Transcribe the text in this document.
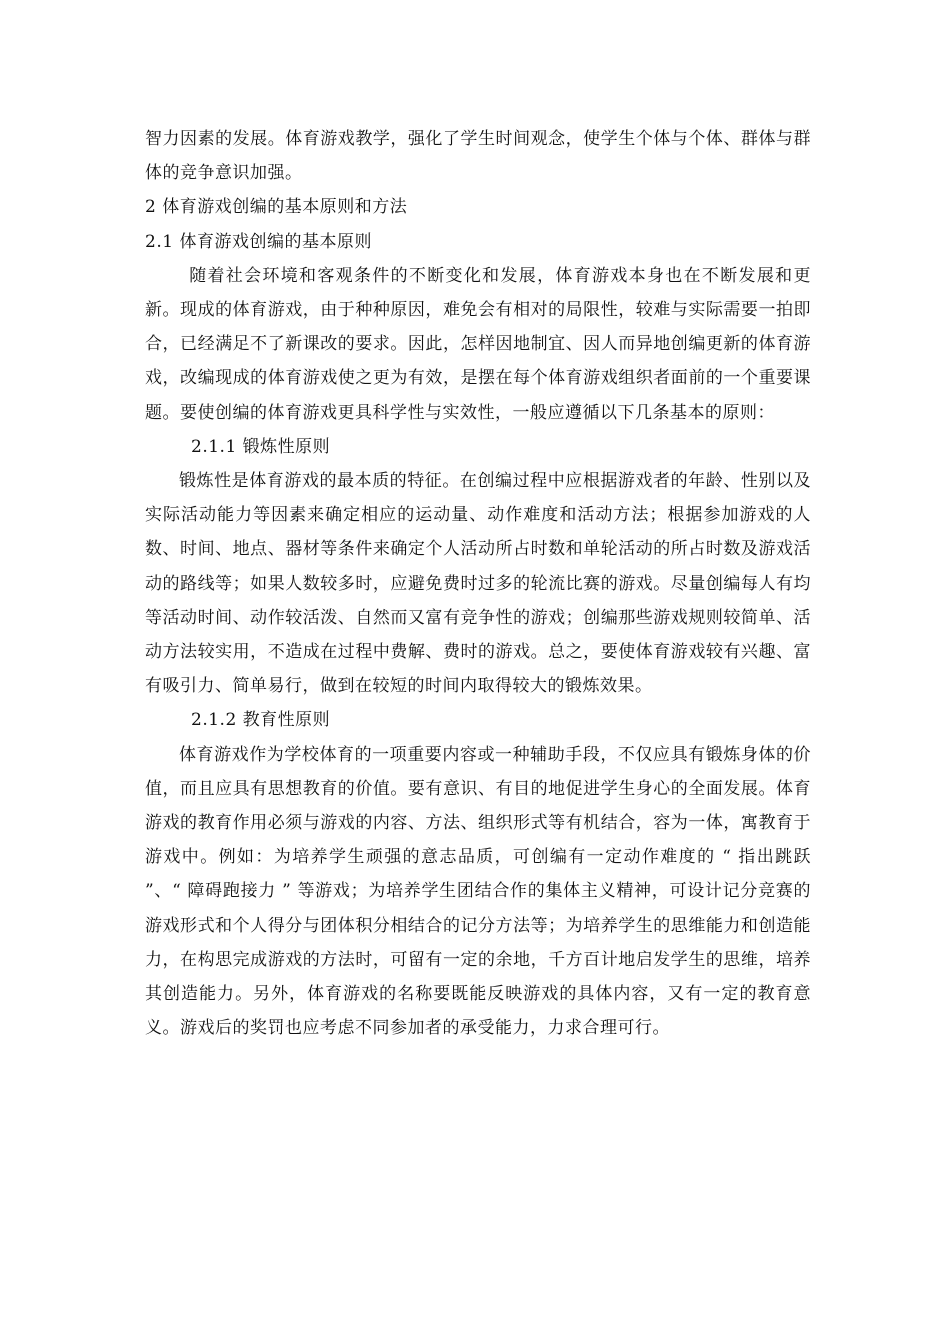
智力因素的发展。体育游戏教学，强化了学生时间观念，使学生个体与个体、群体与群体的竞争意识加强。

2 体育游戏创编的基本原则和方法

2.1 体育游戏创编的基本原则

随着社会环境和客观条件的不断变化和发展，体育游戏本身也在不断发展和更新。现成的体育游戏，由于种种原因，难免会有相对的局限性，较难与实际需要一拍即合，已经满足不了新课改的要求。因此，怎样因地制宜、因人而异地创编更新的体育游戏，改编现成的体育游戏使之更为有效，是摆在每个体育游戏组织者面前的一个重要课题。要使创编的体育游戏更具科学性与实效性，一般应遵循以下几条基本的原则：

2.1.1 锻炼性原则

锻炼性是体育游戏的最本质的特征。在创编过程中应根据游戏者的年龄、性别以及实际活动能力等因素来确定相应的运动量、动作难度和活动方法；根据参加游戏的人数、时间、地点、器材等条件来确定个人活动所占时数和单轮活动的所占时数及游戏活动的路线等；如果人数较多时，应避免费时过多的轮流比赛的游戏。尽量创编每人有均等活动时间、动作较活泼、自然而又富有竞争性的游戏；创编那些游戏规则较简单、活动方法较实用，不造成在过程中费解、费时的游戏。总之，要使体育游戏较有兴趣、富有吸引力、简单易行，做到在较短的时间内取得较大的锻炼效果。

2.1.2 教育性原则

体育游戏作为学校体育的一项重要内容或一种辅助手段，不仅应具有锻炼身体的价值，而且应具有思想教育的价值。要有意识、有目的地促进学生身心的全面发展。体育游戏的教育作用必须与游戏的内容、方法、组织形式等有机结合，容为一体，寓教育于游戏中。例如：为培养学生顽强的意志品质，可创编有一定动作难度的 “ 指出跳跃 ”、“ 障碍跑接力 ” 等游戏；为培养学生团结合作的集体主义精神，可设计记分竞赛的游戏形式和个人得分与团体积分相结合的记分方法等；为培养学生的思维能力和创造能力，在构思完成游戏的方法时，可留有一定的余地，千方百计地启发学生的思维，培养其创造能力。另外，体育游戏的名称要既能反映游戏的具体内容，又有一定的教育意义。游戏后的奖罚也应考虑不同参加者的承受能力，力求合理可行。
